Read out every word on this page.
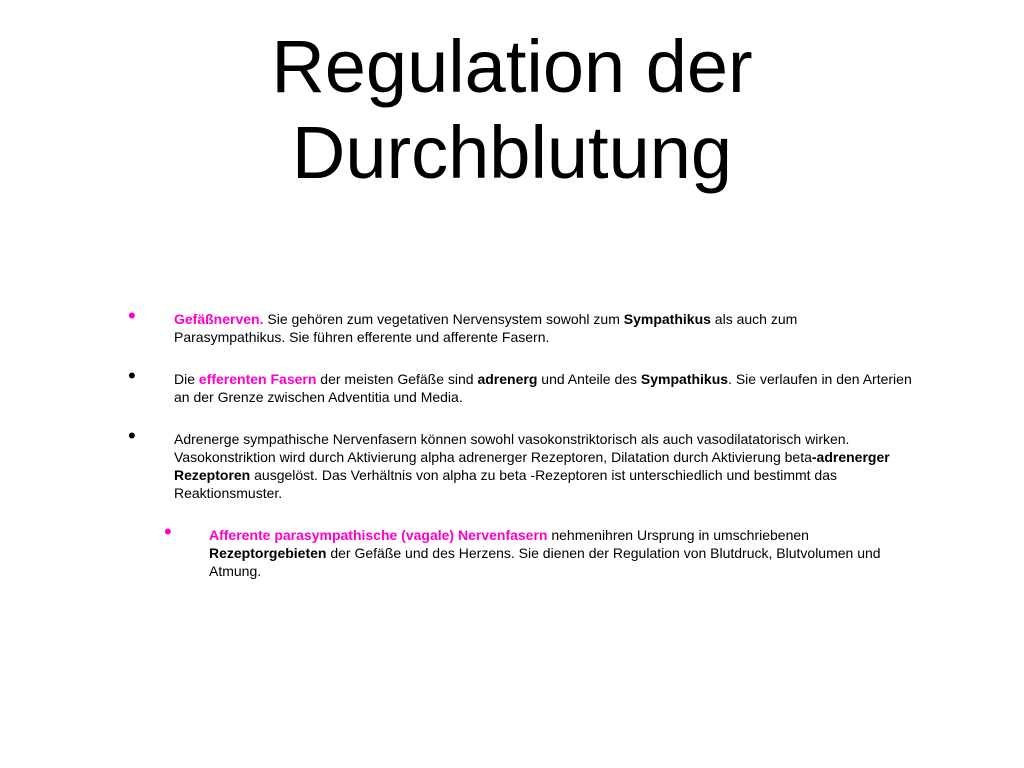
Regulation der
Durchblutung
•	Gefäßnerven. Sie gehören zum vegetativen Nervensystem sowohl zum Sympathikus als auch zum Parasympathikus. Sie führen efferente und afferente Fasern.
•	Die efferenten Fasern der meisten Gefäße sind adrenerg und Anteile des Sympathikus. Sie verlaufen in den Arterien an der Grenze zwischen Adventitia und Media.
•	Adrenerge sympathische Nervenfasern können sowohl vasokonstriktorisch als auch vasodilatatorisch wirken. Vasokonstriktion wird durch Aktivierung alpha adrenerger Rezeptoren, Dilatation durch Aktivierung beta-adrenerger Rezeptoren ausgelöst. Das Verhältnis von alpha zu beta -Rezeptoren ist unterschiedlich und bestimmt das Reaktionsmuster.
•	Afferente parasympathische (vagale) Nervenfasern nehmenihren Ursprung in umschriebenen Rezeptorgebieten der Gefäße und des Herzens. Sie dienen der Regulation von Blutdruck, Blutvolumen und Atmung.
